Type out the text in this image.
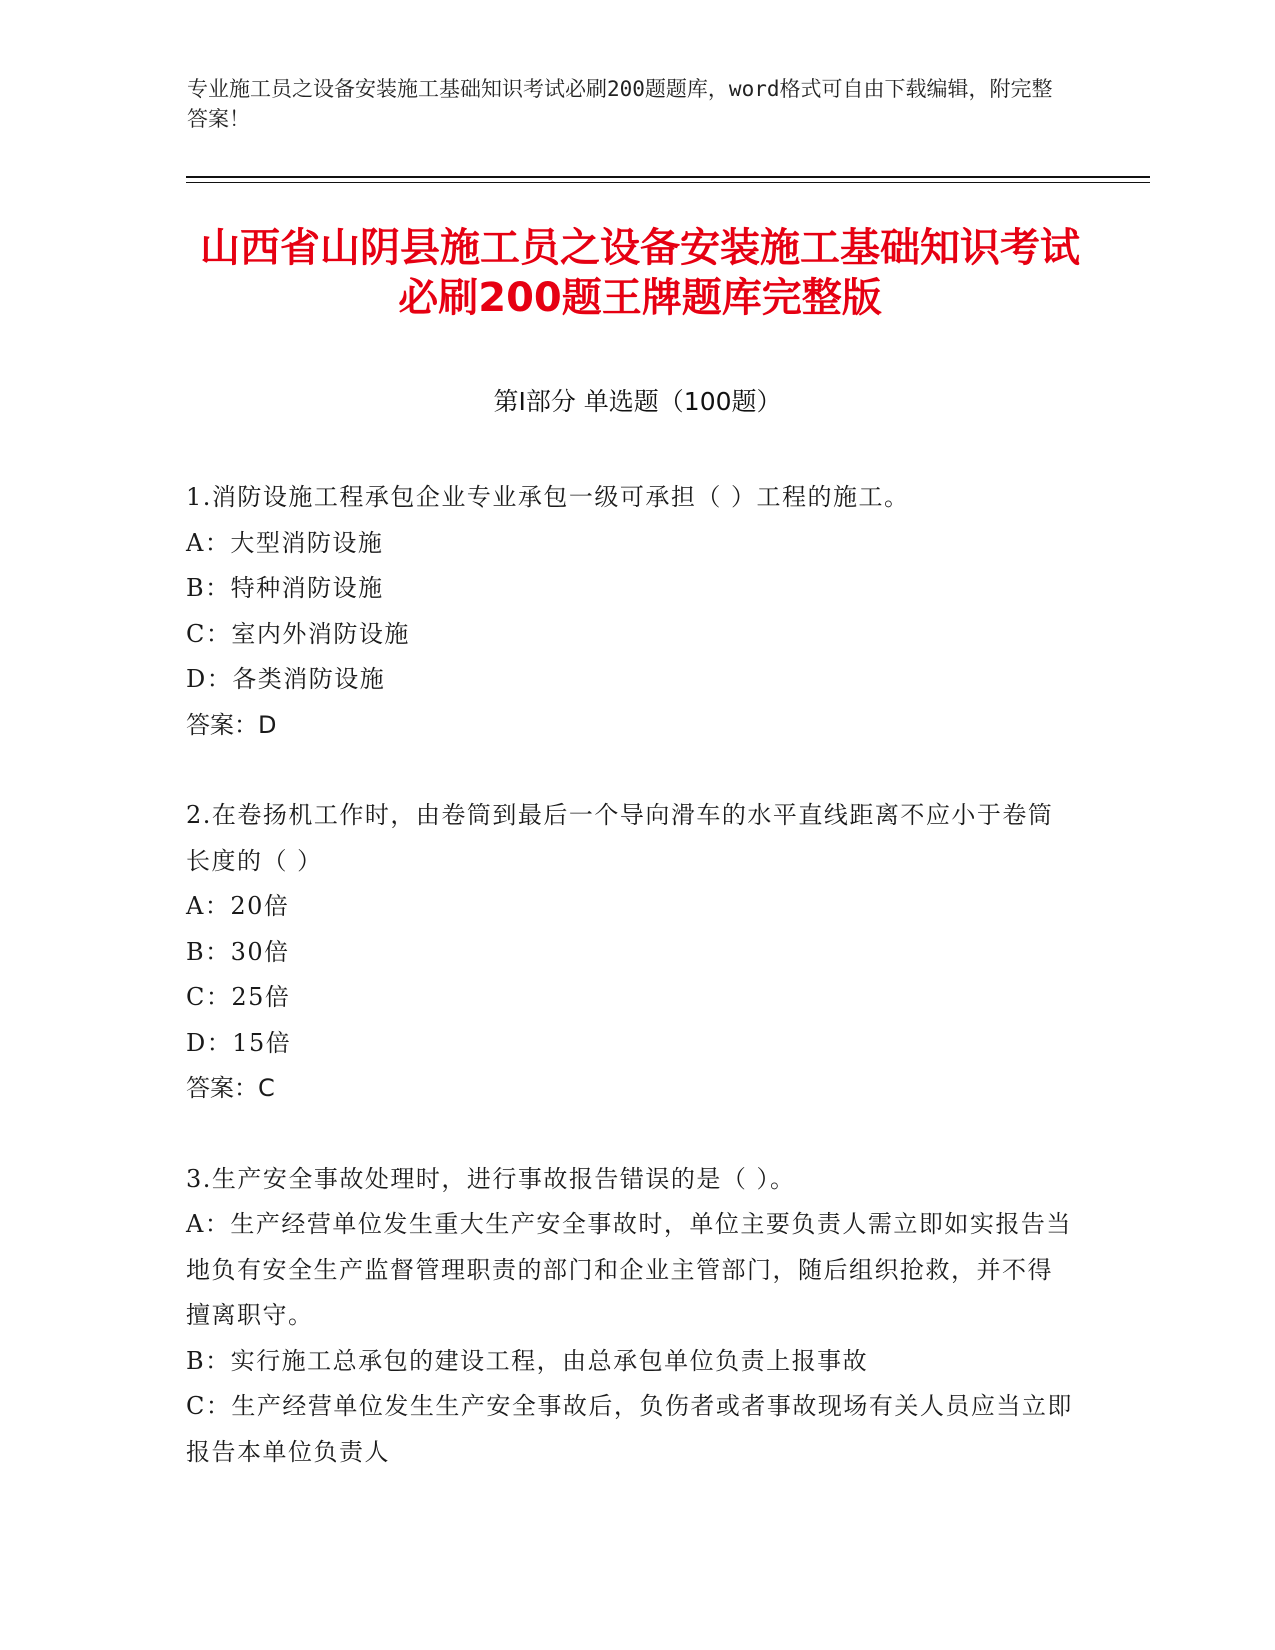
专业施工员之设备安装施工基础知识考试必刷200题题库，word格式可自由下载编辑，附完整答案！
山西省山阴县施工员之设备安装施工基础知识考试必刷200题王牌题库完整版
第Ⅰ部分 单选题（100题）

1.消防设施工程承包企业专业承包一级可承担（ ）工程的施工。

A：大型消防设施

B：特种消防设施

C：室内外消防设施

D：各类消防设施

答案：D

2.在卷扬机工作时，由卷筒到最后一个导向滑车的水平直线距离不应小于卷筒长度的（ ）

A：20倍

B：30倍

C：25倍

D：15倍

答案：C

3.生产安全事故处理时，进行事故报告错误的是（ ）。

A：生产经营单位发生重大生产安全事故时，单位主要负责人需立即如实报告当地负有安全生产监督管理职责的部门和企业主管部门，随后组织抢救，并不得擅离职守。

B：实行施工总承包的建设工程，由总承包单位负责上报事故

C：生产经营单位发生生产安全事故后，负伤者或者事故现场有关人员应当立即报告本单位负责人
